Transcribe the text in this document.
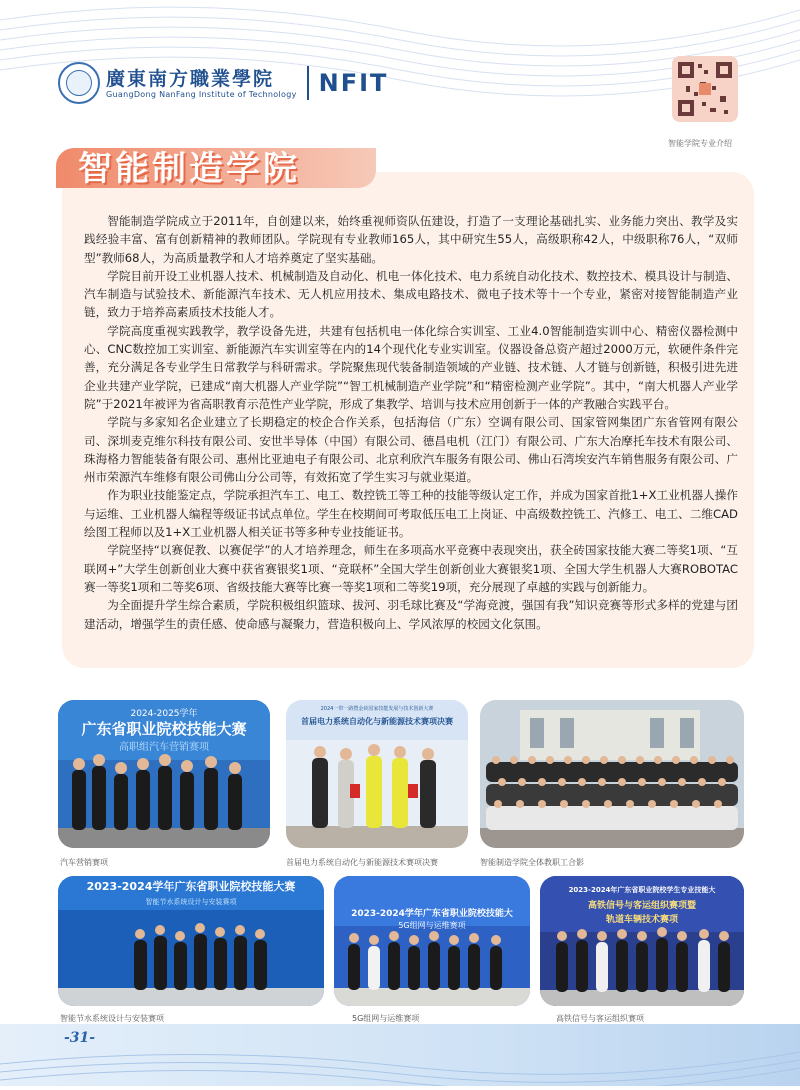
廣東南方職業學院
GuangDong NanFang Institute of Technology NFIT
智能学院专业介绍
智能制造学院

智能制造学院成立于2011年，自创建以来，始终重视师资队伍建设，打造了一支理论基础扎实、业务能力突出、教学及实践经验丰富、富有创新精神的教师团队。学院现有专业教师165人，其中研究生55人，高级职称42人，中级职称76人，“双师型”教师68人，为高质量教学和人才培养奠定了坚实基础。

学院目前开设工业机器人技术、机械制造及自动化、机电一体化技术、电力系统自动化技术、数控技术、模具设计与制造、汽车制造与试验技术、新能源汽车技术、无人机应用技术、集成电路技术、微电子技术等十一个专业，紧密对接智能制造产业链，致力于培养高素质技术技能人才。

学院高度重视实践教学，教学设备先进，共建有包括机电一体化综合实训室、工业4.0智能制造实训中心、精密仪器检测中心、CNC数控加工实训室、新能源汽车实训室等在内的14个现代化专业实训室。仪器设备总资产超过2000万元，软硬件条件完善，充分满足各专业学生日常教学与科研需求。学院聚焦现代装备制造领域的产业链、技术链、人才链与创新链，积极引进先进企业共建产业学院，已建成“南大机器人产业学院”“智工机械制造产业学院”和“精密检测产业学院”。其中，“南大机器人产业学院”于2021年被评为省高职教育示范性产业学院，形成了集教学、培训与技术应用创新于一体的产教融合实践平台。

学院与多家知名企业建立了长期稳定的校企合作关系，包括海信（广东）空调有限公司、国家管网集团广东省管网有限公司、深圳麦克维尔科技有限公司、安世半导体（中国）有限公司、德昌电机（江门）有限公司、广东大冶摩托车技术有限公司、珠海格力智能装备有限公司、惠州比亚迪电子有限公司、北京利欣汽车服务有限公司、佛山石湾埃安汽车销售服务有限公司、广州市荣源汽车维修有限公司佛山分公司等，有效拓宽了学生实习与就业渠道。

作为职业技能鉴定点，学院承担汽车工、电工、数控铣工等工种的技能等级认定工作，并成为国家首批1+X工业机器人操作与运维、工业机器人编程等级证书试点单位。学生在校期间可考取低压电工上岗证、中高级数控铣工、汽修工、电工、二维CAD绘图工程师以及1+X工业机器人相关证书等多种专业技能证书。

学院坚持“以赛促教、以赛促学”的人才培养理念，师生在多项高水平竞赛中表现突出，获全砖国家技能大赛二等奖1项、“互联网+”大学生创新创业大赛中获省赛银奖1项、“竞联杯”全国大学生创新创业大赛银奖1项、全国大学生机器人大赛ROBOTAC赛一等奖1项和二等奖6项、省级技能大赛等比赛一等奖1项和二等奖19项，充分展现了卓越的实践与创新能力。

为全面提升学生综合素质，学院积极组织篮球、拔河、羽毛球比赛及“学海竞渡，强国有我”知识竞赛等形式多样的党建与团建活动，增强学生的责任感、使命感与凝聚力，营造积极向上、学风浓厚的校园文化氛围。

2024-2025学年
广东省职业院校技能大赛
高职组汽车营销赛项
汽车营销赛项
2024一带一路暨金砖国家技能发展与技术创新大赛
首届电力系统自动化与新能源技术赛项决赛
首届电力系统自动化与新能源技术赛项决赛	智能制造学院全体教职工合影
2023-2024学年广东省职业院校技能大赛
智能节水系统设计与安装赛项
智能节水系统设计与安装赛项
2023-2024学年广东省职业院校技能大
5G组网与运维赛项
5G组网与运维赛项
2023-2024年广东省职业院校学生专业技能大
高铁信号与客运组织赛项暨
轨道车辆技术赛项
高铁信号与客运组织赛项
-31-
